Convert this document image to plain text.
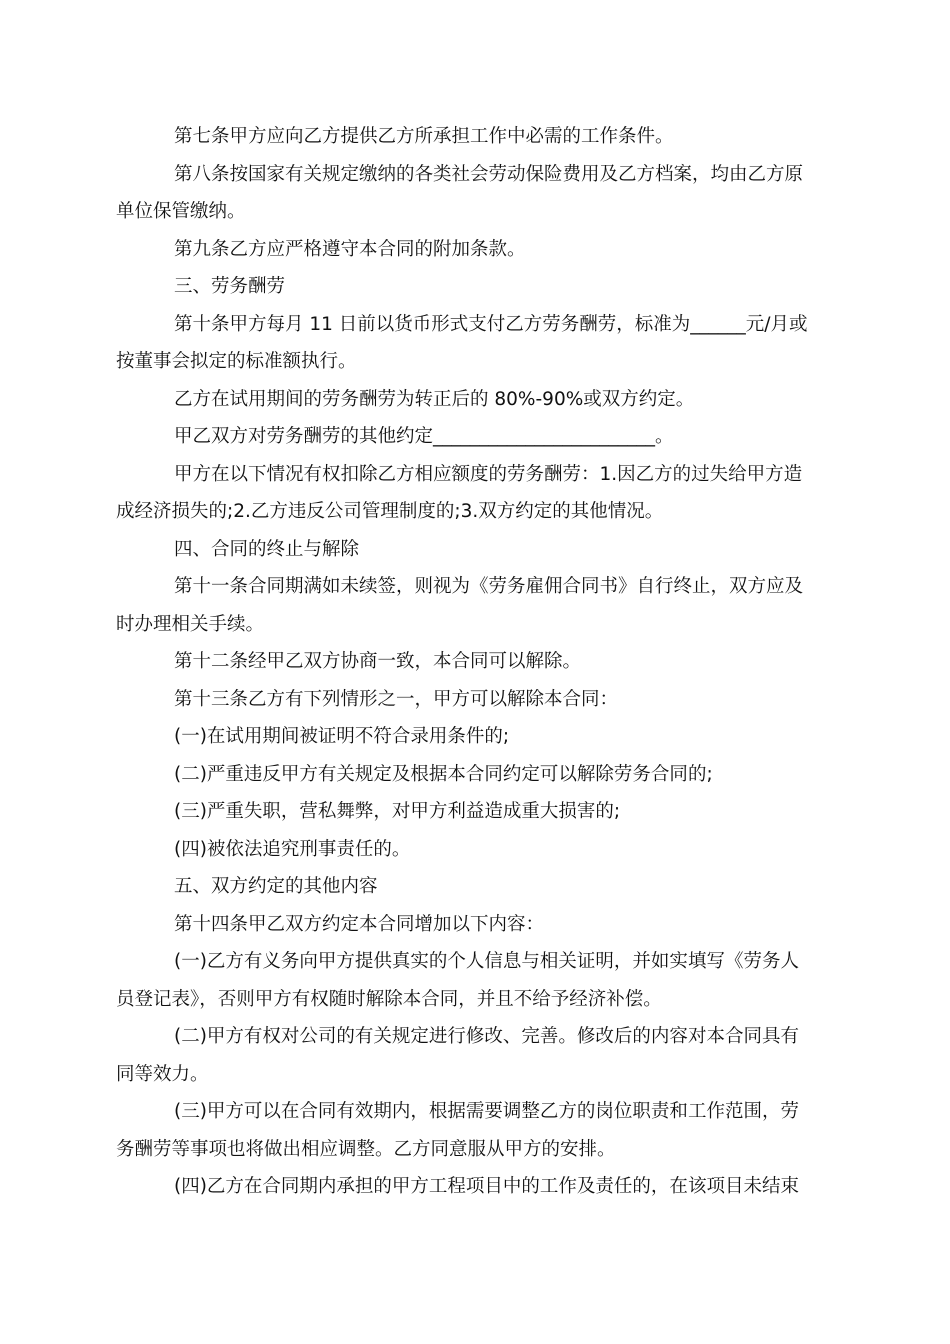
第七条甲方应向乙方提供乙方所承担工作中必需的工作条件。
第八条按国家有关规定缴纳的各类社会劳动保险费用及乙方档案，均由乙方原
单位保管缴纳。
第九条乙方应严格遵守本合同的附加条款。
三、劳务酬劳
第十条甲方每月 11 日前以货币形式支付乙方劳务酬劳，标准为______元/月或
按董事会拟定的标准额执行。
乙方在试用期间的劳务酬劳为转正后的 80%-90%或双方约定。
甲乙双方对劳务酬劳的其他约定________________________。
甲方在以下情况有权扣除乙方相应额度的劳务酬劳：1.因乙方的过失给甲方造
成经济损失的;2.乙方违反公司管理制度的;3.双方约定的其他情况。
四、合同的终止与解除
第十一条合同期满如未续签，则视为《劳务雇佣合同书》自行终止，双方应及
时办理相关手续。
第十二条经甲乙双方协商一致，本合同可以解除。
第十三条乙方有下列情形之一，甲方可以解除本合同：
(一)在试用期间被证明不符合录用条件的;
(二)严重违反甲方有关规定及根据本合同约定可以解除劳务合同的;
(三)严重失职，营私舞弊，对甲方利益造成重大损害的;
(四)被依法追究刑事责任的。
五、双方约定的其他内容
第十四条甲乙双方约定本合同增加以下内容：
(一)乙方有义务向甲方提供真实的个人信息与相关证明，并如实填写《劳务人
员登记表》，否则甲方有权随时解除本合同，并且不给予经济补偿。
(二)甲方有权对公司的有关规定进行修改、完善。修改后的内容对本合同具有
同等效力。
(三)甲方可以在合同有效期内，根据需要调整乙方的岗位职责和工作范围，劳
务酬劳等事项也将做出相应调整。乙方同意服从甲方的安排。
(四)乙方在合同期内承担的甲方工程项目中的工作及责任的，在该项目未结束
